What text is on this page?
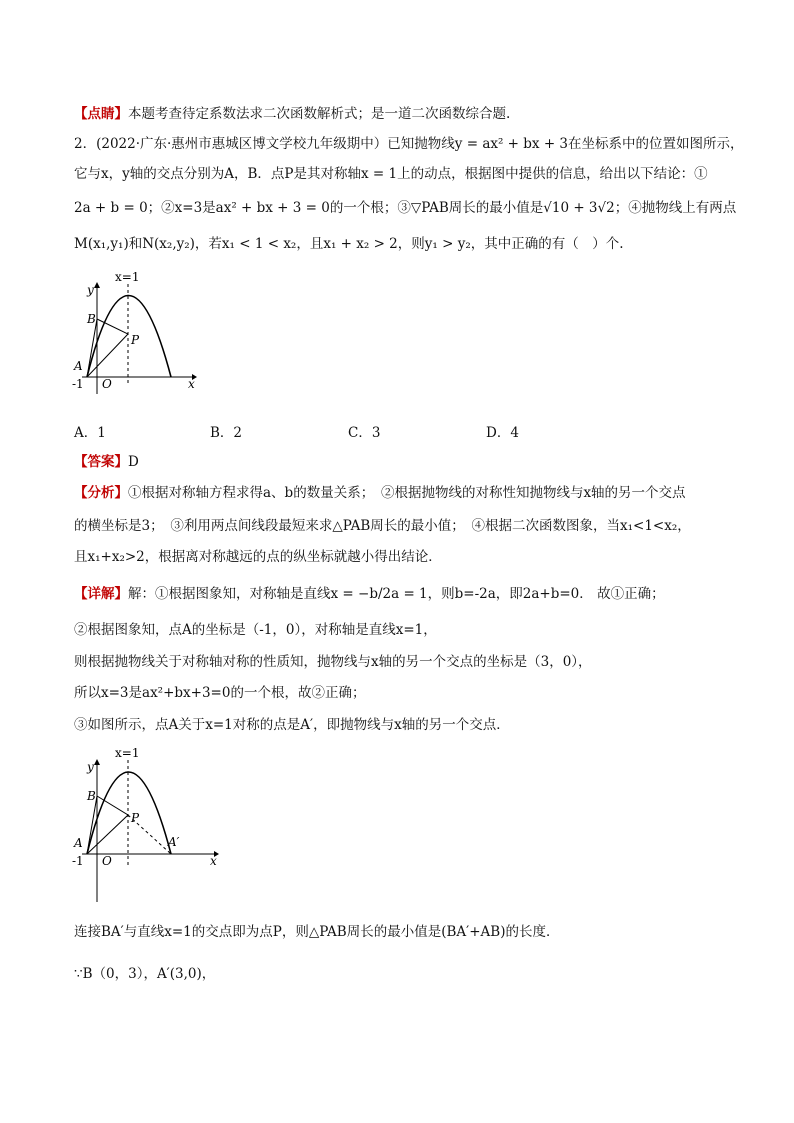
【点睛】本题考查待定系数法求二次函数解析式；是一道二次函数综合题.
2．(2022·广东·惠州市惠城区博文学校九年级期中）已知抛物线y = ax² + bx + 3在坐标系中的位置如图所示，
它与x，y轴的交点分别为A，B．点P是其对称轴x = 1上的动点，根据图中提供的信息，给出以下结论：①
2a + b = 0；②x=3是ax² + bx + 3 = 0的一个根；③▽PAB周长的最小值是√10 + 3√2；④抛物线上有两点
M(x₁,y₁)和N(x₂,y₂)，若x₁ < 1 < x₂，且x₁ + x₂ > 2，则y₁ > y₂，其中正确的有（　）个.
x=1
y
B
P
A
-1 O	x
A．1	B．2	C．3	D．4
【答案】D
【分析】①根据对称轴方程求得a、b的数量关系；　②根据抛物线的对称性知抛物线与x轴的另一个交点
的横坐标是3；　③利用两点间线段最短来求△PAB周长的最小值；　④根据二次函数图象，当x₁<1<x₂，
且x₁+x₂>2，根据离对称越远的点的纵坐标就越小得出结论．
【详解】解：①根据图象知，对称轴是直线x = −b/2a = 1，则b=-2a，即2a+b=0． 故①正确；
②根据图象知，点A的坐标是（-1，0），对称轴是直线x=1，
则根据抛物线关于对称轴对称的性质知，抛物线与x轴的另一个交点的坐标是（3，0），
所以x=3是ax²+bx+3=0的一个根，故②正确；
③如图所示，点A关于x=1对称的点是A′，即抛物线与x轴的另一个交点．
x=1
y
B
P
A	A′
-1 O	x
连接BA′与直线x=1的交点即为点P，则△PAB周长的最小值是(BA′+AB)的长度．
∵B（0，3），A′(3,0)，
